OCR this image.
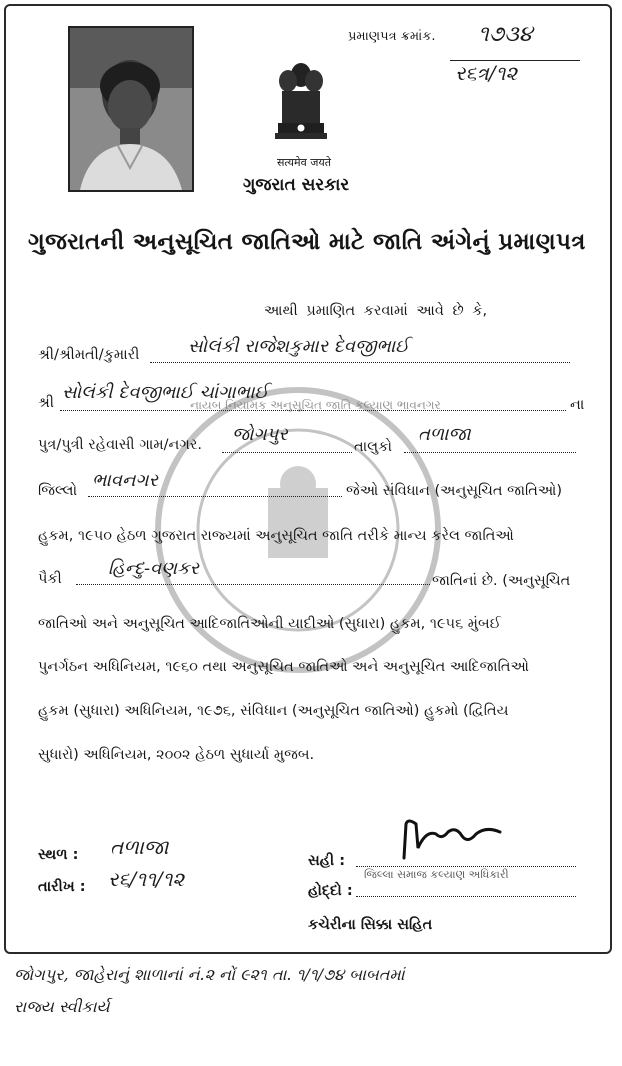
પ્રમાણપત્ર ક્રમાંક. ૧૭૩૪
ર૬ત્ર/૧૨
सत्यमेव जयते
ગુજરાત સરકાર
ગુજરાતની અનુસૂચિત જાતિઓ માટે જાતિ અંગેનું પ્રમાણપત્ર
આથી પ્રમાણિત કરવામાં આવે છે કે,
નાયબ નિયામક અનુસૂચિત જાતિ કલ્યાણ ભાવનગર
શ્રી/શ્રીમતી/કુમારી	સોલંકી રાજેશકુમાર દેવજીભાઈ
શ્રી સોલંકી દેવજીભાઈ ચાંગાભાઈ
ના
પુત્ર/પુત્રી રહેવાસી ગામ/નગર. જોગપુર
તાલુકો
તળાજા
જિલ્લો ભાવનગર	જેઓ સંવિધાન (અનુસૂચિત જાતિઓ)
હુકમ, ૧૯૫૦ હેઠળ ગુજરાત રાજ્યમાં અનુસૂચિત જાતિ તરીકે માન્ય કરેલ જાતિઓ
પૈકી	હિન્દુ-વણકર
જાતિનાં છે. (અનુસૂચિત
જાતિઓ અને અનુસૂચિત આદિજાતિઓની યાદીઓ (સુધારા) હુકમ, ૧૯૫૬ મુંબઈ
પુનર્ગઠન અધિનિયમ, ૧૯૬૦ તથા અનુસૂચિત જાતિઓ અને અનુસૂચિત આદિજાતિઓ
હુકમ (સુધારા) અધિનિયમ, ૧૯૭૬, સંવિધાન (અનુસૂચિત જાતિઓ) હુકમો (દ્વિતિય
સુધારો) અધિનિયમ, ૨૦૦૨ હેઠળ સુધાર્યા મુજબ.
સ્થળ : તળાજા
તારીખ : ર૬/૧૧/૧૨
સહી :
હોદ્દો :
જિલ્લા સમાજ કલ્યાણ અધિકારી
કચેરીના સિક્કા સહિત
જોગપુર, જાહેરાનું શાળાનાં નં.૨ નોં ૯૨૧ તા. ૧/૧/૭૪ બાબતમાં
રાજ્ય સ્વીકાર્ય
